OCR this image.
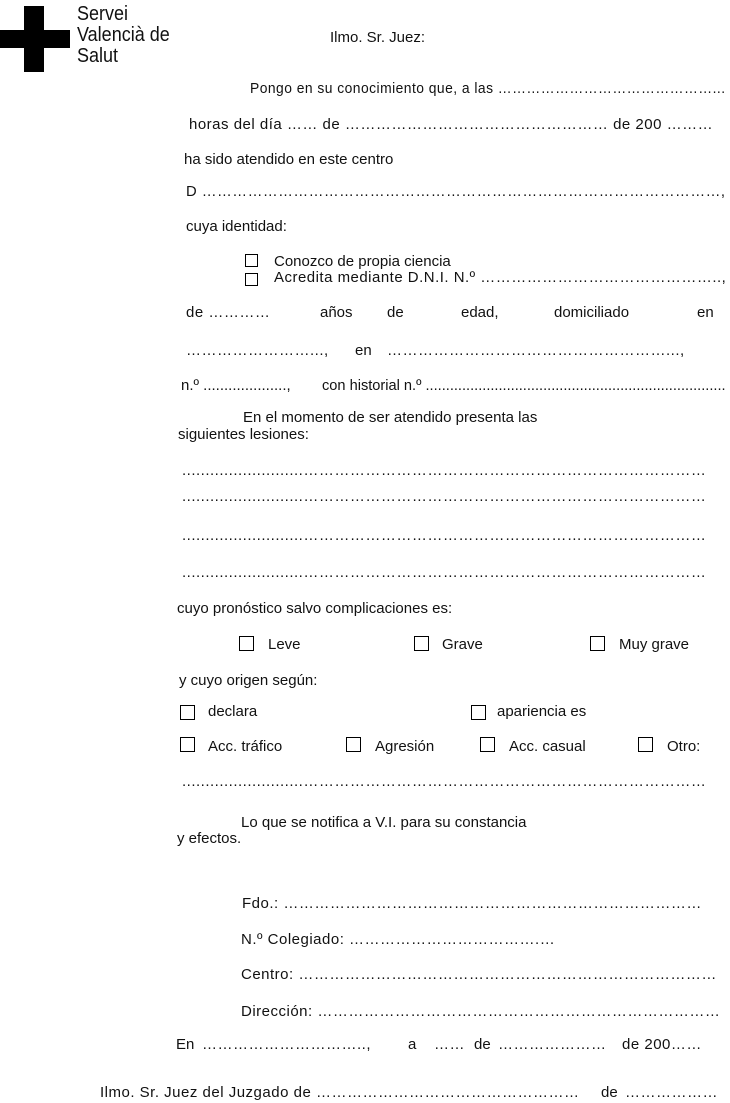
Servei
Valencià de
Salut
Ilmo. Sr. Juez:
Pongo en su conocimiento que, a las ………………………………………...
horas del día …… de …………………………………………… de 200 ………
ha sido atendido en este centro
D …………………………………………………………………………………………,
cuya identidad:
Conozco de propia ciencia
Acredita mediante D.N.I. N.º ………………………………………..,
de …………	años de	edad,	domiciliado	en
……………………..., en ………………………………………………...,
n.º ...................., con historial n.º ..........................................................................
En el momento de ser atendido presenta las
siguientes lesiones:
..........................……………………………………………………………………
..........................……………………………………………………………………
..........................……………………………………………………………………
..........................……………………………………………………………………
cuyo pronóstico salvo complicaciones es:
Leve	Grave	Muy grave
y cuyo origen según:
declara	apariencia es
Acc. tráfico	Agresión	Acc. casual	Otro:
..........................……………………………………………………………………
Lo que se notifica a V.I. para su constancia
y efectos.
Fdo.: ………………………………………………………………………
N.º Colegiado: ……………………………….…
Centro: ………………………………………………………………………
Dirección: ……………………………………………………………………
En ………………………….., a …… de ………………… de 200……
Ilmo. Sr. Juez del Juzgado de …………………………………………… de ………………
